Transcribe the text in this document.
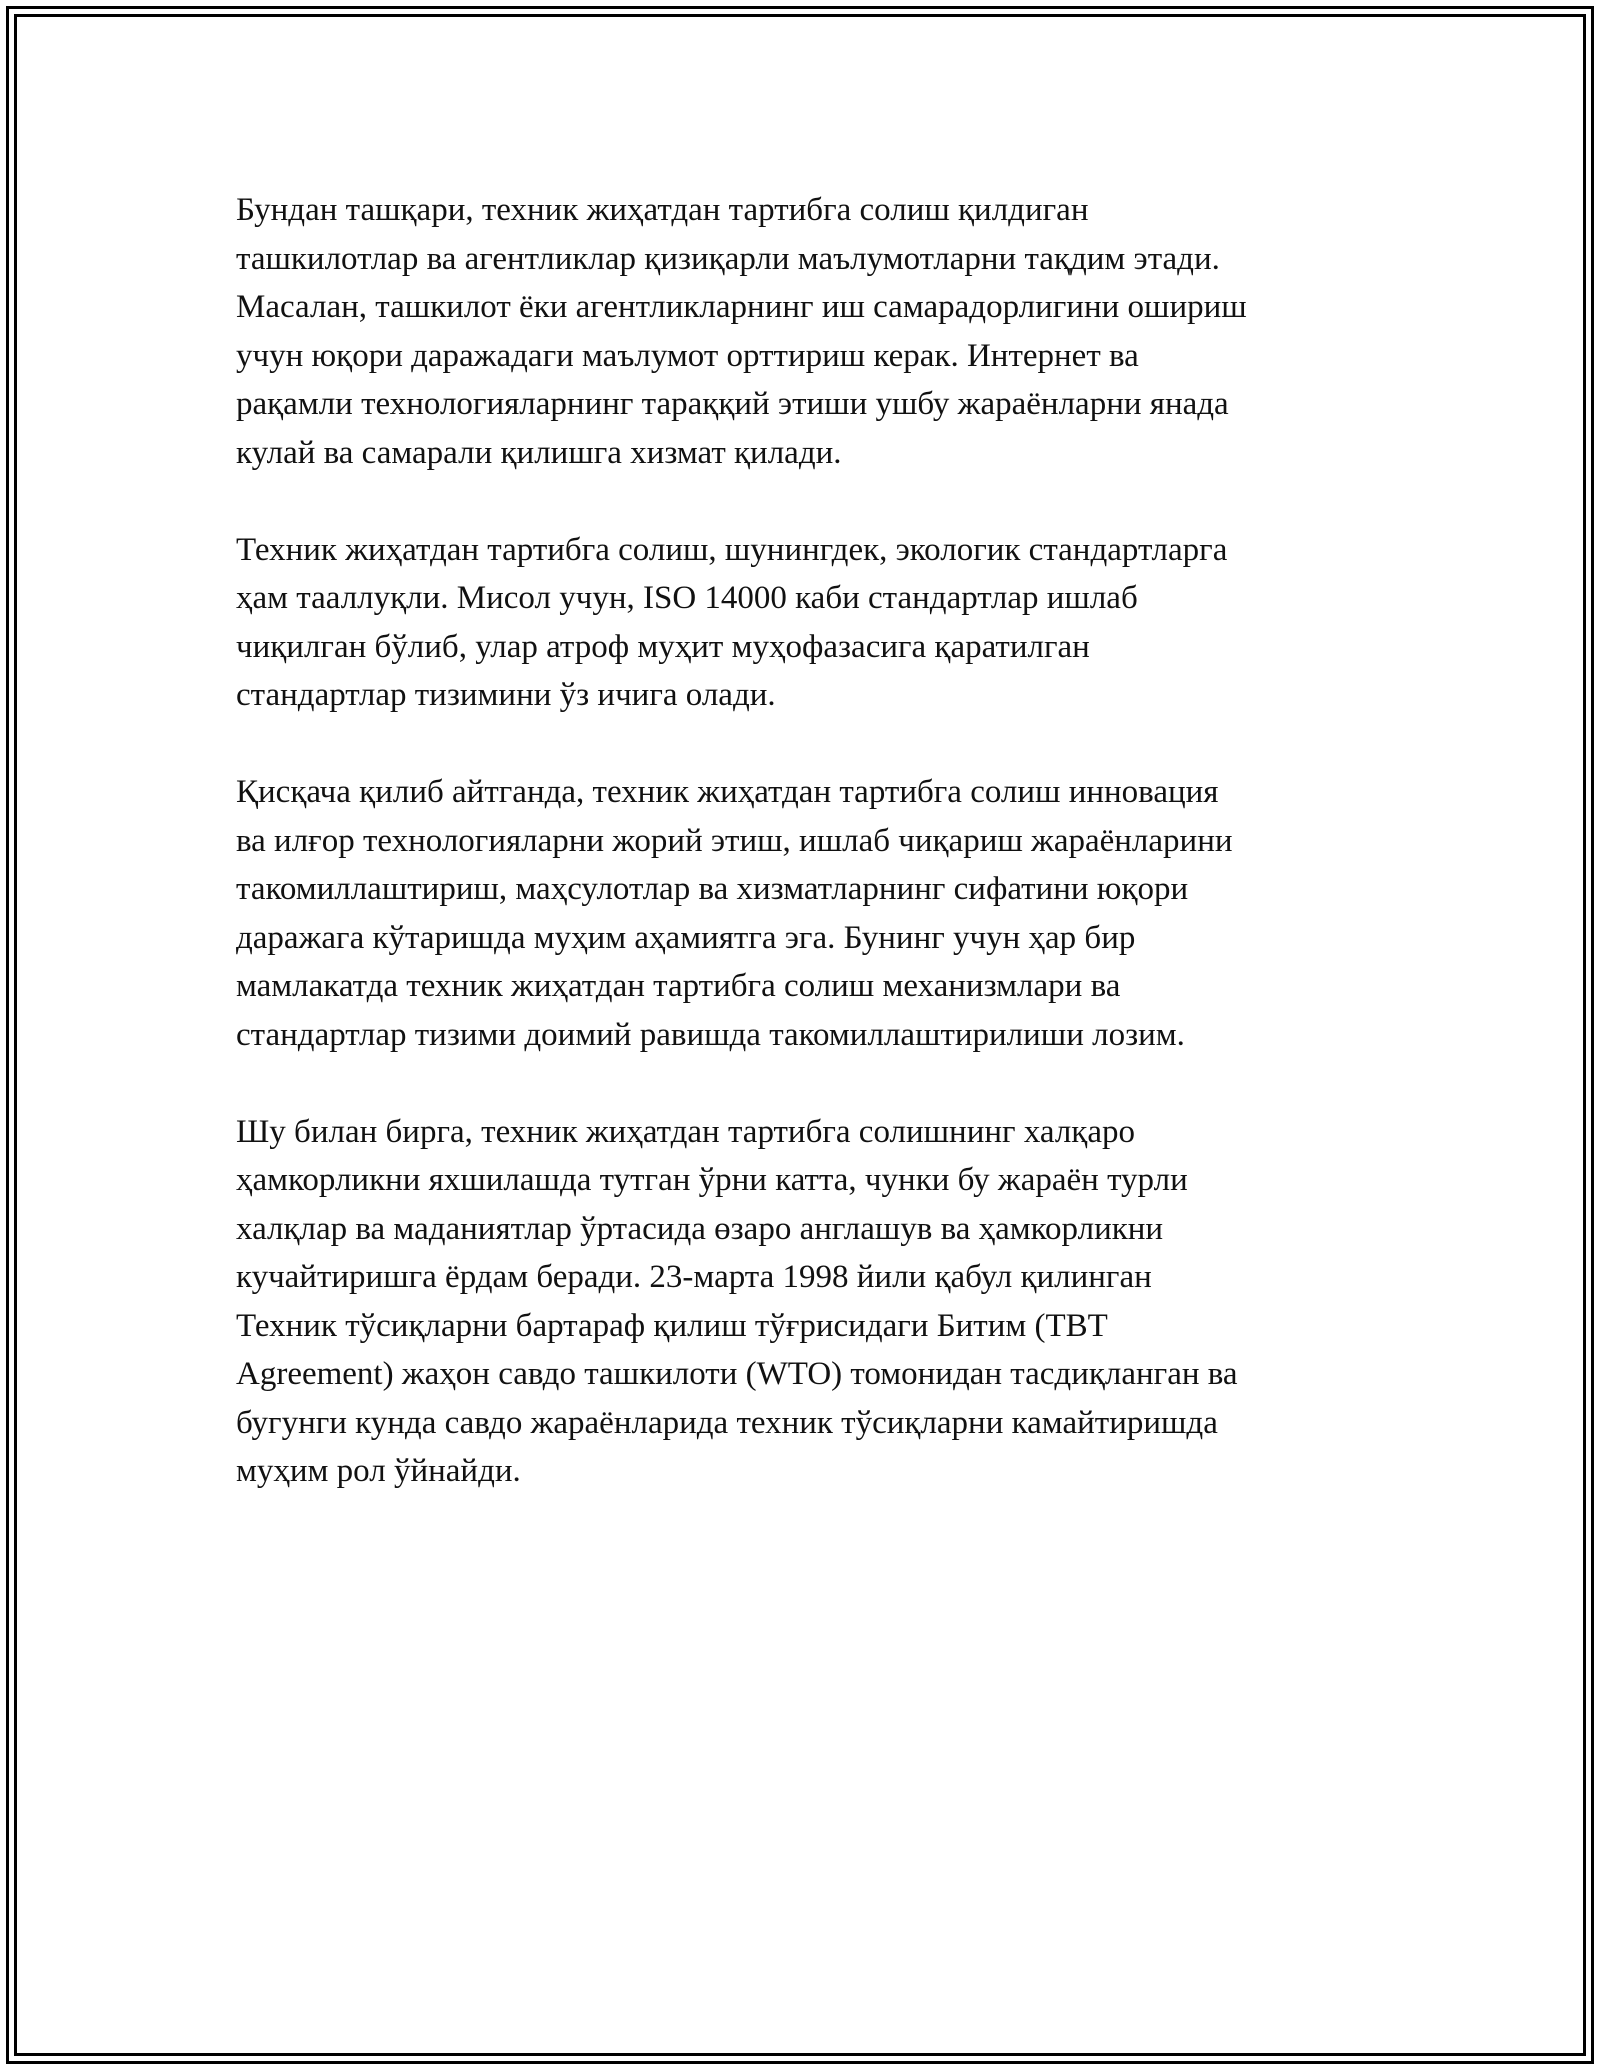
Бундан ташқари, техник жиҳатдан тартибга солиш қилдиган
ташкилотлар ва агентликлар қизиқарли маълумотларни тақдим этади.
Масалан, ташкилот ёки агентликларнинг иш самарадорлигини ошириш
учун юқори даражадаги маълумот орттириш керак. Интернет ва
рақамли технологияларнинг тараққий этиши ушбу жараёнларни янада
кулай ва самарали қилишга хизмат қилади.

Техник жиҳатдан тартибга солиш, шунингдек, экологик стандартларга
ҳам тааллуқли. Мисол учун, ISO 14000 каби стандартлар ишлаб
чиқилган бўлиб, улар атроф муҳит муҳофазасига қаратилган
стандартлар тизимини ўз ичига олади.

Қисқача қилиб айтганда, техник жиҳатдан тартибга солиш инновация
ва илғор технологияларни жорий этиш, ишлаб чиқариш жараёнларини
такомиллаштириш, маҳсулотлар ва хизматларнинг сифатини юқори
даражага кўтаришда муҳим аҳамиятга эга. Бунинг учун ҳар бир
мамлакатда техник жиҳатдан тартибга солиш механизмлари ва
стандартлар тизими доимий равишда такомиллаштирилиши лозим.

Шу билан бирга, техник жиҳатдан тартибга солишнинг халқаро
ҳамкорликни яхшилашда тутган ўрни катта, чунки бу жараён турли
халқлар ва маданиятлар ўртасида өзаро англашув ва ҳамкорликни
кучайтиришга ёрдам беради. 23-марта 1998 йили қабул қилинган
Техник тўсиқларни бартараф қилиш тўғрисидаги Битим (TBT
Agreement) жаҳон савдо ташкилоти (WTO) томонидан тасдиқланган ва
бугунги кунда савдо жараёнларида техник тўсиқларни камайтиришда
муҳим рол ўйнайди.
